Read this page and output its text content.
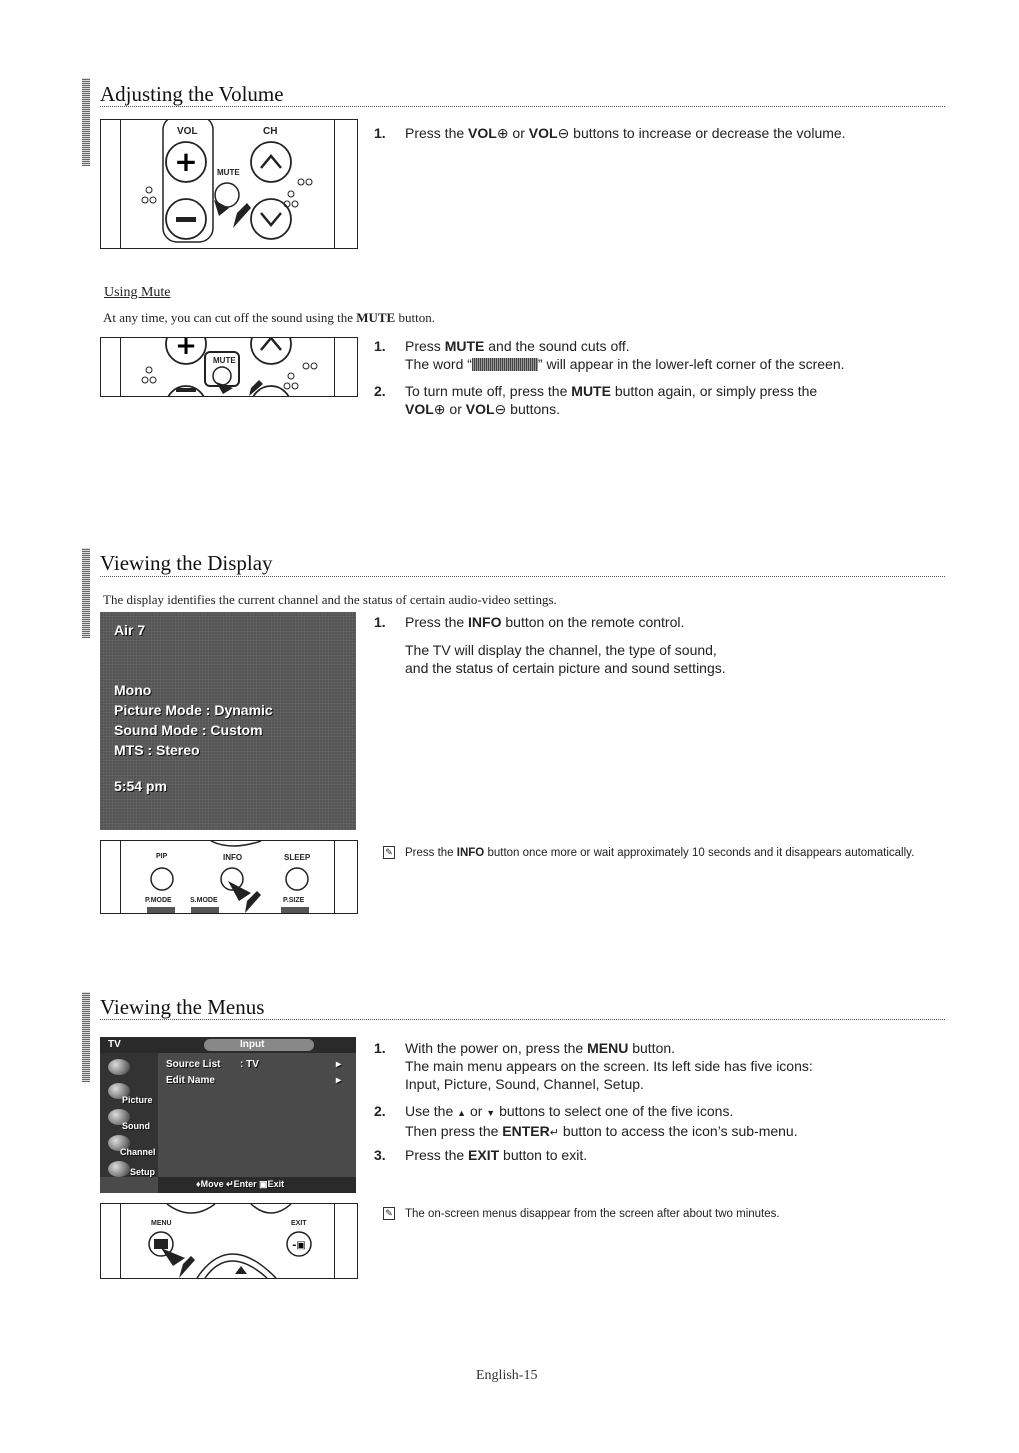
Adjusting the Volume
+
VOL	CH
MUTE
1. Press the VOL⊕ or VOL⊖ buttons to increase or decrease the volume.
Using Mute
At any time, you can cut off the sound using the MUTE button.
+ MUTE
1. Press MUTE and the sound cuts off.
The word “	” will appear in the lower-left corner of the screen.
2. To turn mute off, press the MUTE button again, or simply press the
VOL⊕ or VOL⊖ buttons.
Viewing the Display
The display identifies the current channel and the status of certain audio-video settings.
Air 7
Mono
Picture Mode : Dynamic
Sound Mode : Custom
MTS : Stereo
5:54 pm
PIP	INFO	SLEEP
P.MODE	S.MODE	P.SIZE
1. Press the INFO button on the remote control.
The TV will display the channel, the type of sound,
and the status of certain picture and sound settings.
✎ Press the INFO button once more or wait approximately 10 seconds and it disappears automatically.
Viewing the Menus
TV	Input
Picture
Sound
Channel
Setup
Source List : TV
Edit Name
▸
▸
♦Move ↵Enter ▣Exit
-▣
MENU	EXIT
1. With the power on, press the MENU button.
The main menu appears on the screen. Its left side has five icons:
Input, Picture, Sound, Channel, Setup.
2. Use the ▲ or ▼ buttons to select one of the five icons.
Then press the ENTER↵ button to access the icon’s sub-menu.
3. Press the EXIT button to exit.
✎ The on-screen menus disappear from the screen after about two minutes.
English-15
